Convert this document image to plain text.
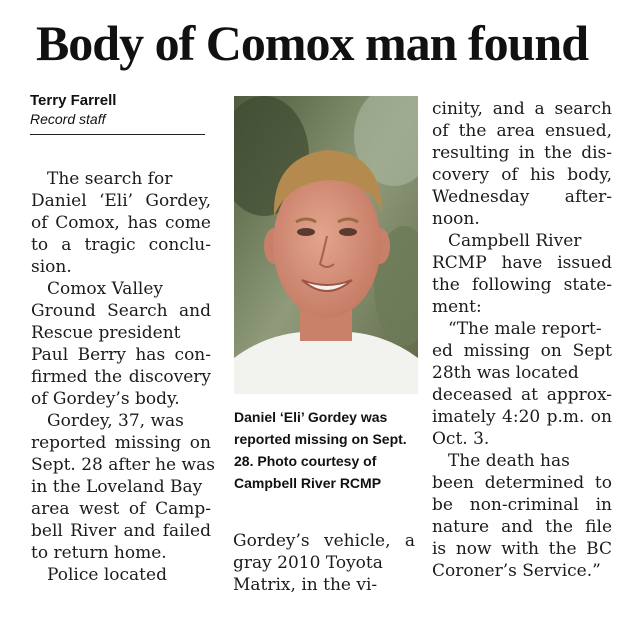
Body of Comox man found

Terry Farrell

Record staff

The search for
Daniel ‘Eli’ Gordey,
of Comox, has come
to a tragic conclu-
sion.
Comox Valley
Ground Search and
Rescue president
Paul Berry has con-
firmed the discovery
of Gordey’s body.
Gordey, 37, was
reported missing on
Sept. 28 after he was
in the Loveland Bay
area west of Camp-
bell River and failed
to return home.
Police located
Daniel ‘Eli’ Gordey was
reported missing on Sept.
28. Photo courtesy of
Campbell River RCMP
Gordey’s vehicle, a
gray 2010 Toyota
Matrix, in the vi-
cinity, and a search
of the area ensued,
resulting in the dis-
covery of his body,
Wednesday after-
noon.
Campbell River
RCMP have issued
the following state-
ment:
“The male report-
ed missing on Sept
28th was located
deceased at approx-
imately 4:20 p.m. on
Oct. 3.
The death has
been determined to
be non-criminal in
nature and the file
is now with the BC
Coroner’s Service.”
